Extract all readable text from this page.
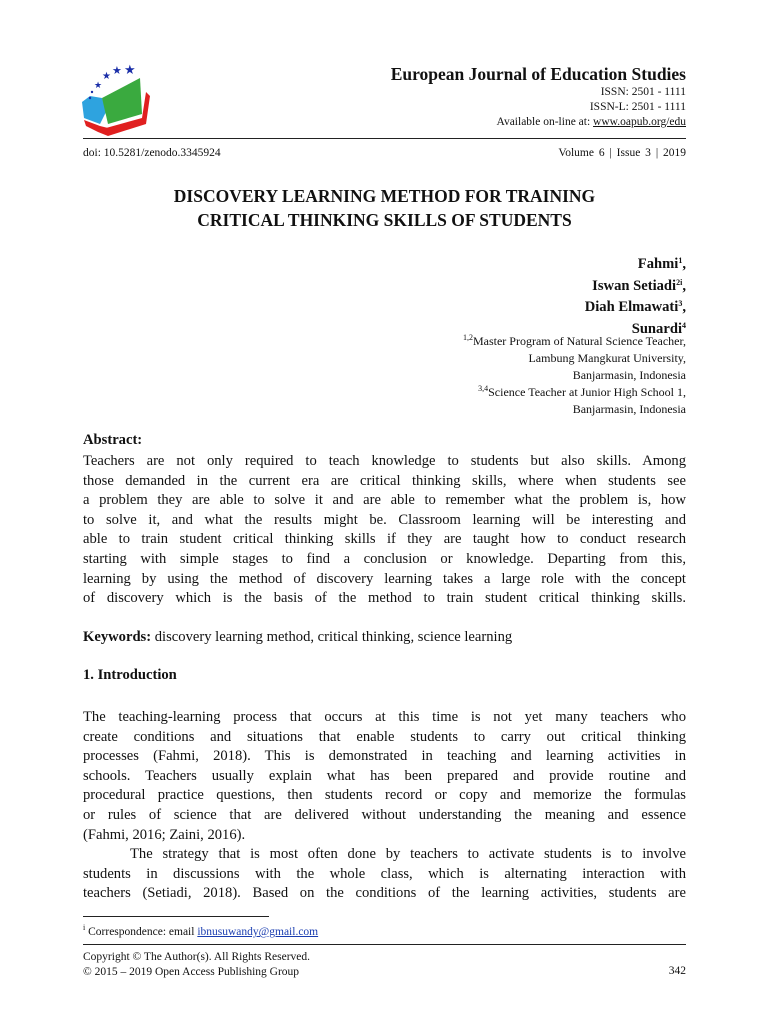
★
★ ★ ★	European Journal of Education Studies
ISSN: 2501 - 1111
ISSN-L: 2501 - 1111
Available on-line at: www.oapub.org/edu
doi: 10.5281/zenodo.3345924	Volume 6 | Issue 3 | 2019
DISCOVERY LEARNING METHOD FOR TRAINING
CRITICAL THINKING SKILLS OF STUDENTS
Fahmi$^1$,
Iswan Setiadi$^{2i}$,
Diah Elmawati$^3$,
Sunardi$^4$
$^{1,2}$Master Program of Natural Science Teacher,
Lambung Mangkurat University,
Banjarmasin, Indonesia
$^{3,4}$Science Teacher at Junior High School 1,
Banjarmasin, Indonesia
Abstract:
Teachers are not only required to teach knowledge to students but also skills. Among
those demanded in the current era are critical thinking skills, where when students see
a problem they are able to solve it and are able to remember what the problem is, how
to solve it, and what the results might be. Classroom learning will be interesting and
able to train student critical thinking skills if they are taught how to conduct research
starting with simple stages to find a conclusion or knowledge. Departing from this,
learning by using the method of discovery learning takes a large role with the concept
of discovery which is the basis of the method to train student critical thinking skills.
Keywords: discovery learning method, critical thinking, science learning
1. Introduction
The teaching-learning process that occurs at this time is not yet many teachers who
create conditions and situations that enable students to carry out critical thinking
processes (Fahmi, 2018). This is demonstrated in teaching and learning activities in
schools. Teachers usually explain what has been prepared and provide routine and
procedural practice questions, then students record or copy and memorize the formulas
or rules of science that are delivered without understanding the meaning and essence
(Fahmi, 2016; Zaini, 2016).
The strategy that is most often done by teachers to activate students is to involve
students in discussions with the whole class, which is alternating interaction with
teachers (Setiadi, 2018). Based on the conditions of the learning activities, students are
$^i$ Correspondence: email ibnusuwandy@gmail.com
Copyright © The Author(s). All Rights Reserved.
© 2015 – 2019 Open Access Publishing Group	342
